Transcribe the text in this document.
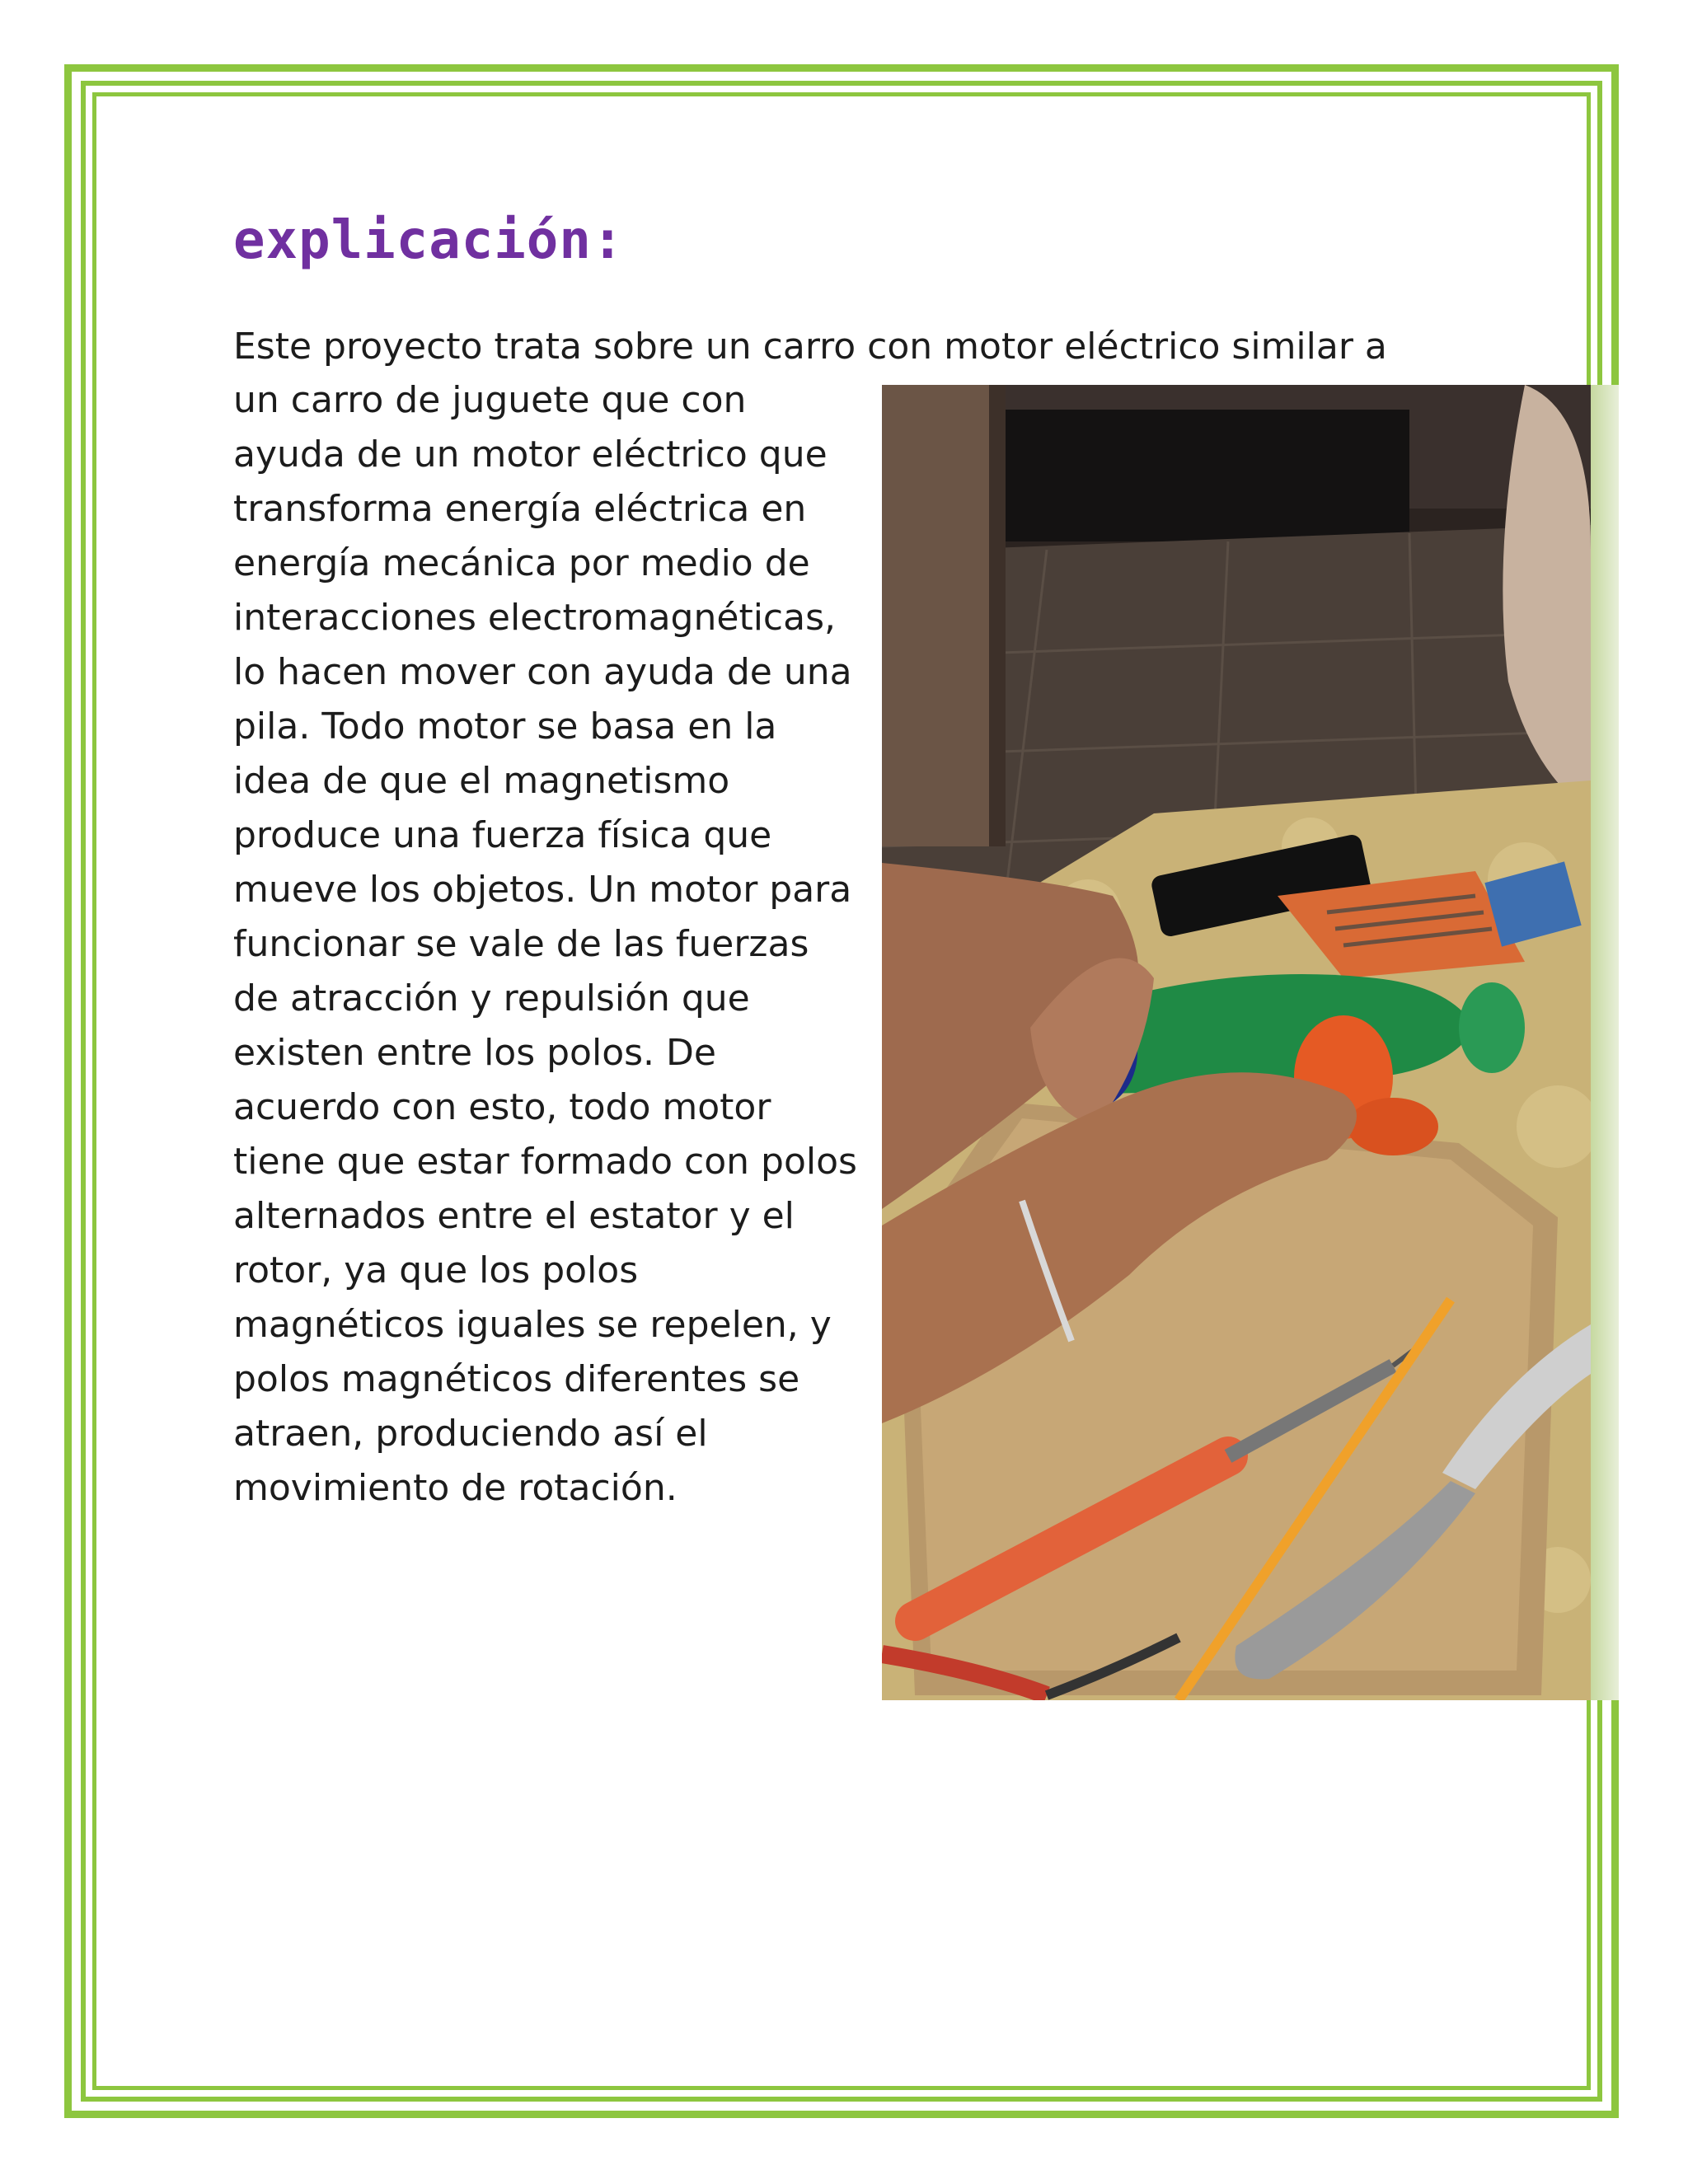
explicación:

Este proyecto trata sobre un carro con motor eléctrico similar a

un carro de juguete que con ayuda de un motor eléctrico que transforma energía eléctrica en energía mecánica por medio de interacciones electromagnéticas, lo hacen mover con ayuda de una pila. Todo motor se basa en la idea de que el magnetismo produce una fuerza física que mueve los objetos. Un motor para funcionar se vale de las fuerzas de atracción y repulsión que existen entre los polos. De acuerdo con esto, todo motor tiene que estar formado con polos alternados entre el estator y el rotor, ya que los polos magnéticos iguales se repelen, y polos magnéticos diferentes se atraen, produciendo así el movimiento de rotación.
